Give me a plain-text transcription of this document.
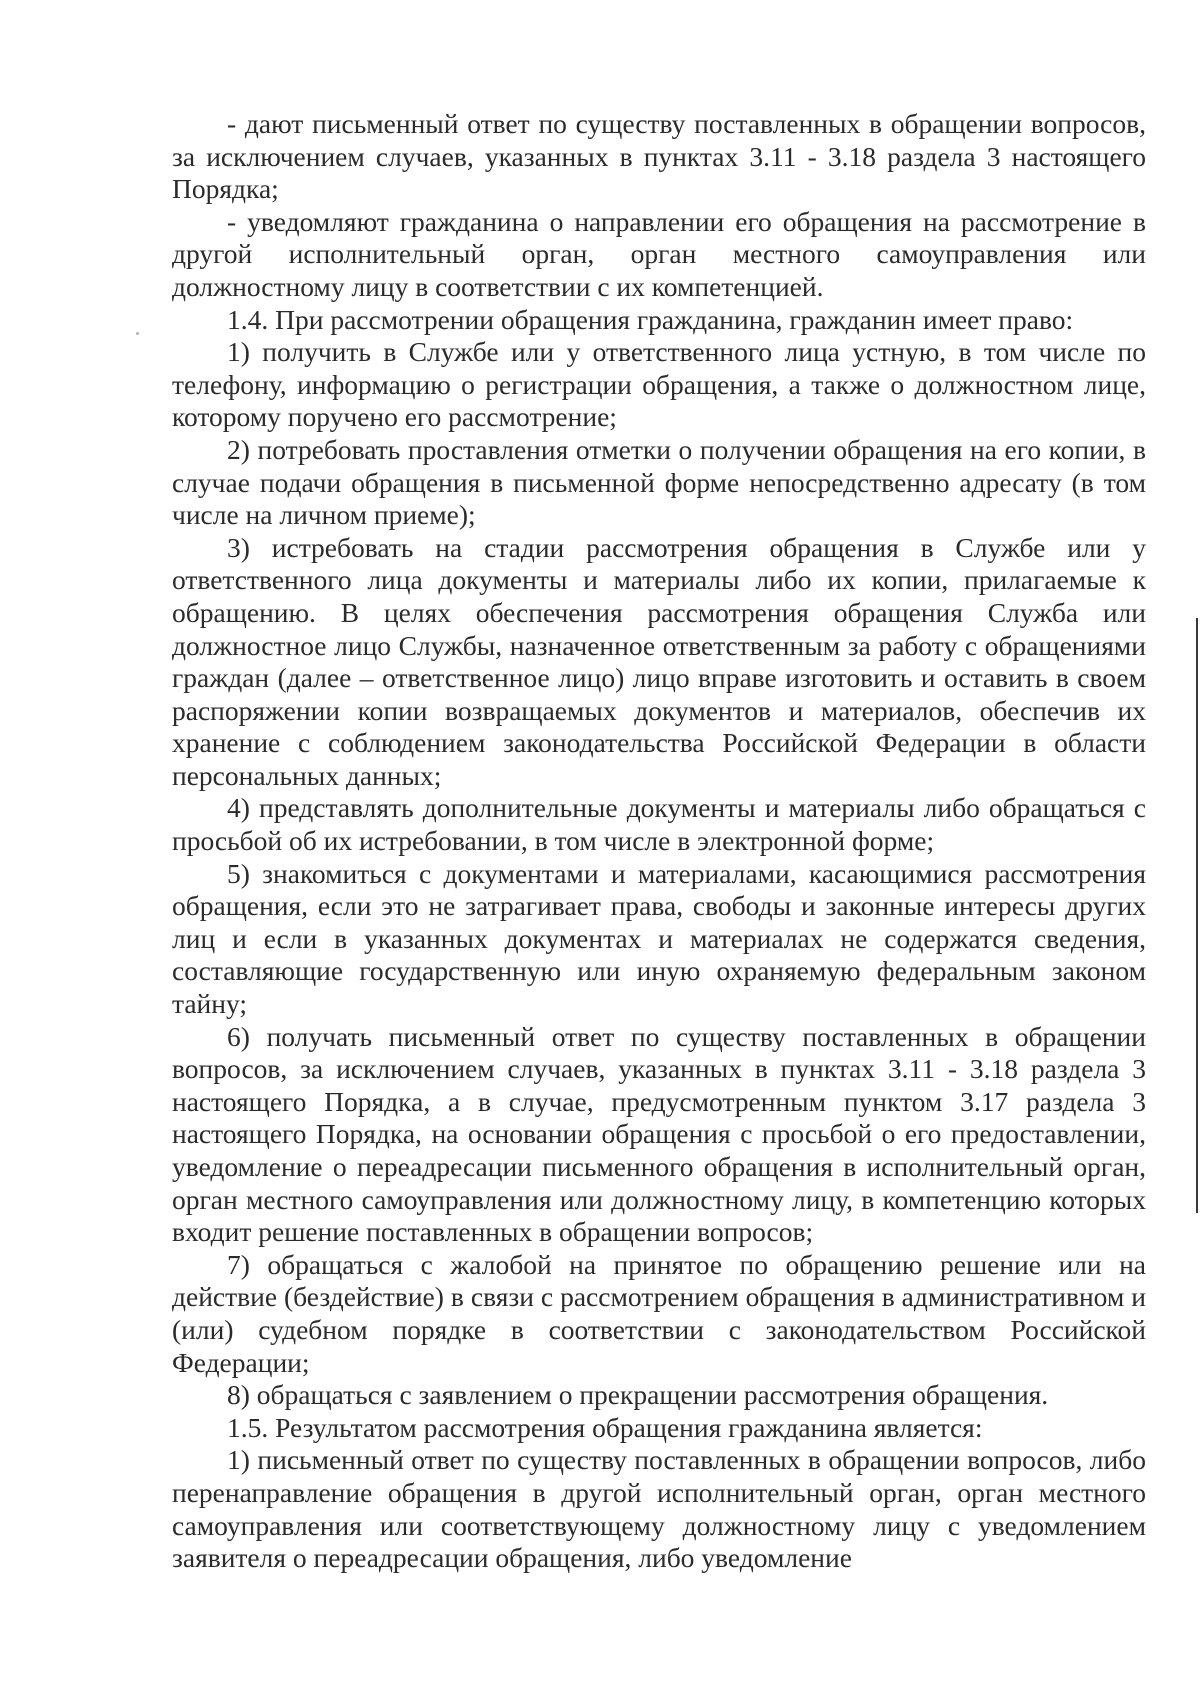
- дают письменный ответ по существу поставленных в обращении вопросов, за исключением случаев, указанных в пунктах 3.11 - 3.18 раздела 3 настоящего Порядка;

- уведомляют гражданина о направлении его обращения на рассмотрение в другой исполнительный орган, орган местного самоуправления или должностному лицу в соответствии с их компетенцией.

1.4. При рассмотрении обращения гражданина, гражданин имеет право:

1) получить в Службе или у ответственного лица устную, в том числе по телефону, информацию о регистрации обращения, а также о должностном лице, которому поручено его рассмотрение;

2) потребовать проставления отметки о получении обращения на его копии, в случае подачи обращения в письменной форме непосредственно адресату (в том числе на личном приеме);

3) истребовать на стадии рассмотрения обращения в Службе или у ответственного лица документы и материалы либо их копии, прилагаемые к обращению. В целях обеспечения рассмотрения обращения Служба или должностное лицо Службы, назначенное ответственным за работу с обращениями граждан (далее – ответственное лицо) лицо вправе изготовить и оставить в своем распоряжении копии возвращаемых документов и материалов, обеспечив их хранение с соблюдением законодательства Российской Федерации в области персональных данных;

4) представлять дополнительные документы и материалы либо обращаться с просьбой об их истребовании, в том числе в электронной форме;

5) знакомиться с документами и материалами, касающимися рассмотрения обращения, если это не затрагивает права, свободы и законные интересы других лиц и если в указанных документах и материалах не содержатся сведения, составляющие государственную или иную охраняемую федеральным законом тайну;

6) получать письменный ответ по существу поставленных в обращении вопросов, за исключением случаев, указанных в пунктах 3.11 - 3.18 раздела 3 настоящего Порядка, а в случае, предусмотренным пунктом 3.17 раздела 3 настоящего Порядка, на основании обращения с просьбой о его предоставлении, уведомление о переадресации письменного обращения в исполнительный орган, орган местного самоуправления или должностному лицу, в компетенцию которых входит решение поставленных в обращении вопросов;

7) обращаться с жалобой на принятое по обращению решение или на действие (бездействие) в связи с рассмотрением обращения в административном и (или) судебном порядке в соответствии с законодательством Российской Федерации;

8) обращаться с заявлением о прекращении рассмотрения обращения.

1.5. Результатом рассмотрения обращения гражданина является:

1) письменный ответ по существу поставленных в обращении вопросов, либо перенаправление обращения в другой исполнительный орган, орган местного самоуправления или соответствующему должностному лицу с уведомлением заявителя о переадресации обращения, либо уведомление
